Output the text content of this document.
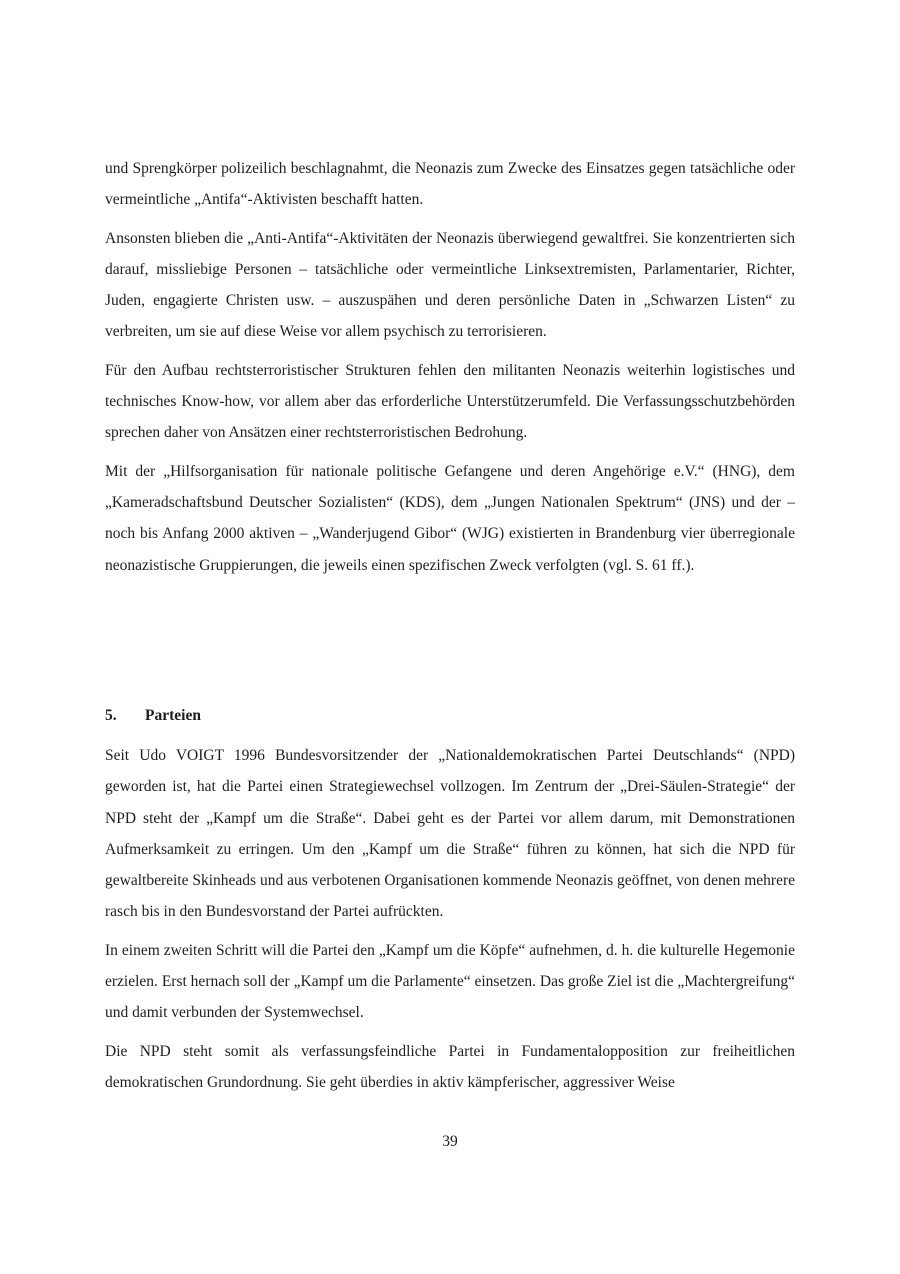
und Sprengkörper polizeilich beschlagnahmt, die Neonazis zum Zwecke des Einsatzes gegen tatsächliche oder vermeintliche „Antifa“-Aktivisten beschafft hatten.

Ansonsten blieben die „Anti-Antifa“-Aktivitäten der Neonazis überwiegend gewaltfrei. Sie konzentrierten sich darauf, missliebige Personen – tatsächliche oder vermeintliche Linksextremisten, Parlamentarier, Richter, Juden, engagierte Christen usw. – auszuspähen und deren persönliche Daten in „Schwarzen Listen“ zu verbreiten, um sie auf diese Weise vor allem psychisch zu terrorisieren.

Für den Aufbau rechtsterroristischer Strukturen fehlen den militanten Neonazis weiterhin logistisches und technisches Know-how, vor allem aber das erforderliche Unterstützerumfeld. Die Verfassungsschutzbehörden sprechen daher von Ansätzen einer rechtsterroristischen Bedrohung.

Mit der „Hilfsorganisation für nationale politische Gefangene und deren Angehörige e.V.“ (HNG), dem „Kameradschaftsbund Deutscher Sozialisten“ (KDS), dem „Jungen Nationalen Spektrum“ (JNS) und der – noch bis Anfang 2000 aktiven – „Wanderjugend Gibor“ (WJG) existierten in Brandenburg vier überregionale neonazistische Gruppierungen, die jeweils einen spezifischen Zweck verfolgten (vgl. S. 61 ff.).

5. Parteien

Seit Udo VOIGT 1996 Bundesvorsitzender der „Nationaldemokratischen Partei Deutschlands“ (NPD) geworden ist, hat die Partei einen Strategiewechsel vollzogen. Im Zentrum der „Drei-Säulen-Strategie“ der NPD steht der „Kampf um die Straße“. Dabei geht es der Partei vor allem darum, mit Demonstrationen Aufmerksamkeit zu erringen. Um den „Kampf um die Straße“ führen zu können, hat sich die NPD für gewaltbereite Skinheads und aus verbotenen Organisationen kommende Neonazis geöffnet, von denen mehrere rasch bis in den Bundesvorstand der Partei aufrückten.

In einem zweiten Schritt will die Partei den „Kampf um die Köpfe“ aufnehmen, d. h. die kulturelle Hegemonie erzielen. Erst hernach soll der „Kampf um die Parlamente“ einsetzen. Das große Ziel ist die „Machtergreifung“ und damit verbunden der Systemwechsel.

Die NPD steht somit als verfassungsfeindliche Partei in Fundamentalopposition zur freiheitlichen demokratischen Grundordnung. Sie geht überdies in aktiv kämpferischer, aggressiver Weise

39
